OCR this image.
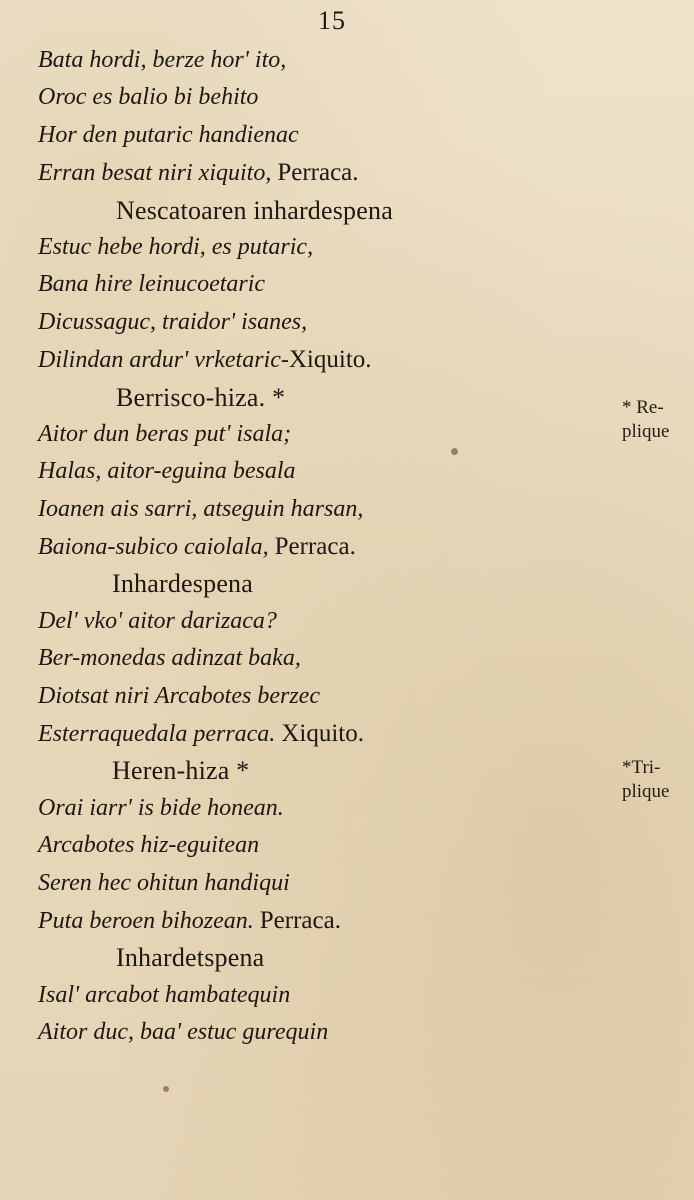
15
Bata hordi, berze hor' ito,
Oroc es balio bi behito
Hor den putaric handienac
Erran besat niri xiquito, Perraca.
Nescatoaren inhardespena
Estuc hebe hordi, es putaric,
Bana hire leinucoetaric
Dicussaguc, traidor' isanes,
Dilindan ardur' vrketaric-Xiquito.
Berrisco-hiza. *
Aitor dun beras put' isala;
Halas, aitor-eguina besala
Ioanen ais sarri, atseguin harsan,
Baiona-subico caiolala, Perraca.
Inhardespena
Del' vko' aitor darizaca?
Ber-monedas adinzat baka,
Diotsat niri Arcabotes berzec
Esterraquedala perraca. Xiquito.
Heren-hiza *
Orai iarr' is bide honean.
Arcabotes hiz-eguitean
Seren hec ohitun handiqui
Puta beroen bihozean. Perraca.
Inhardetspena
Isal' arcabot hambatequin
Aitor duc, baa' estuc gurequin
* Re-
plique
*Tri-
plique
